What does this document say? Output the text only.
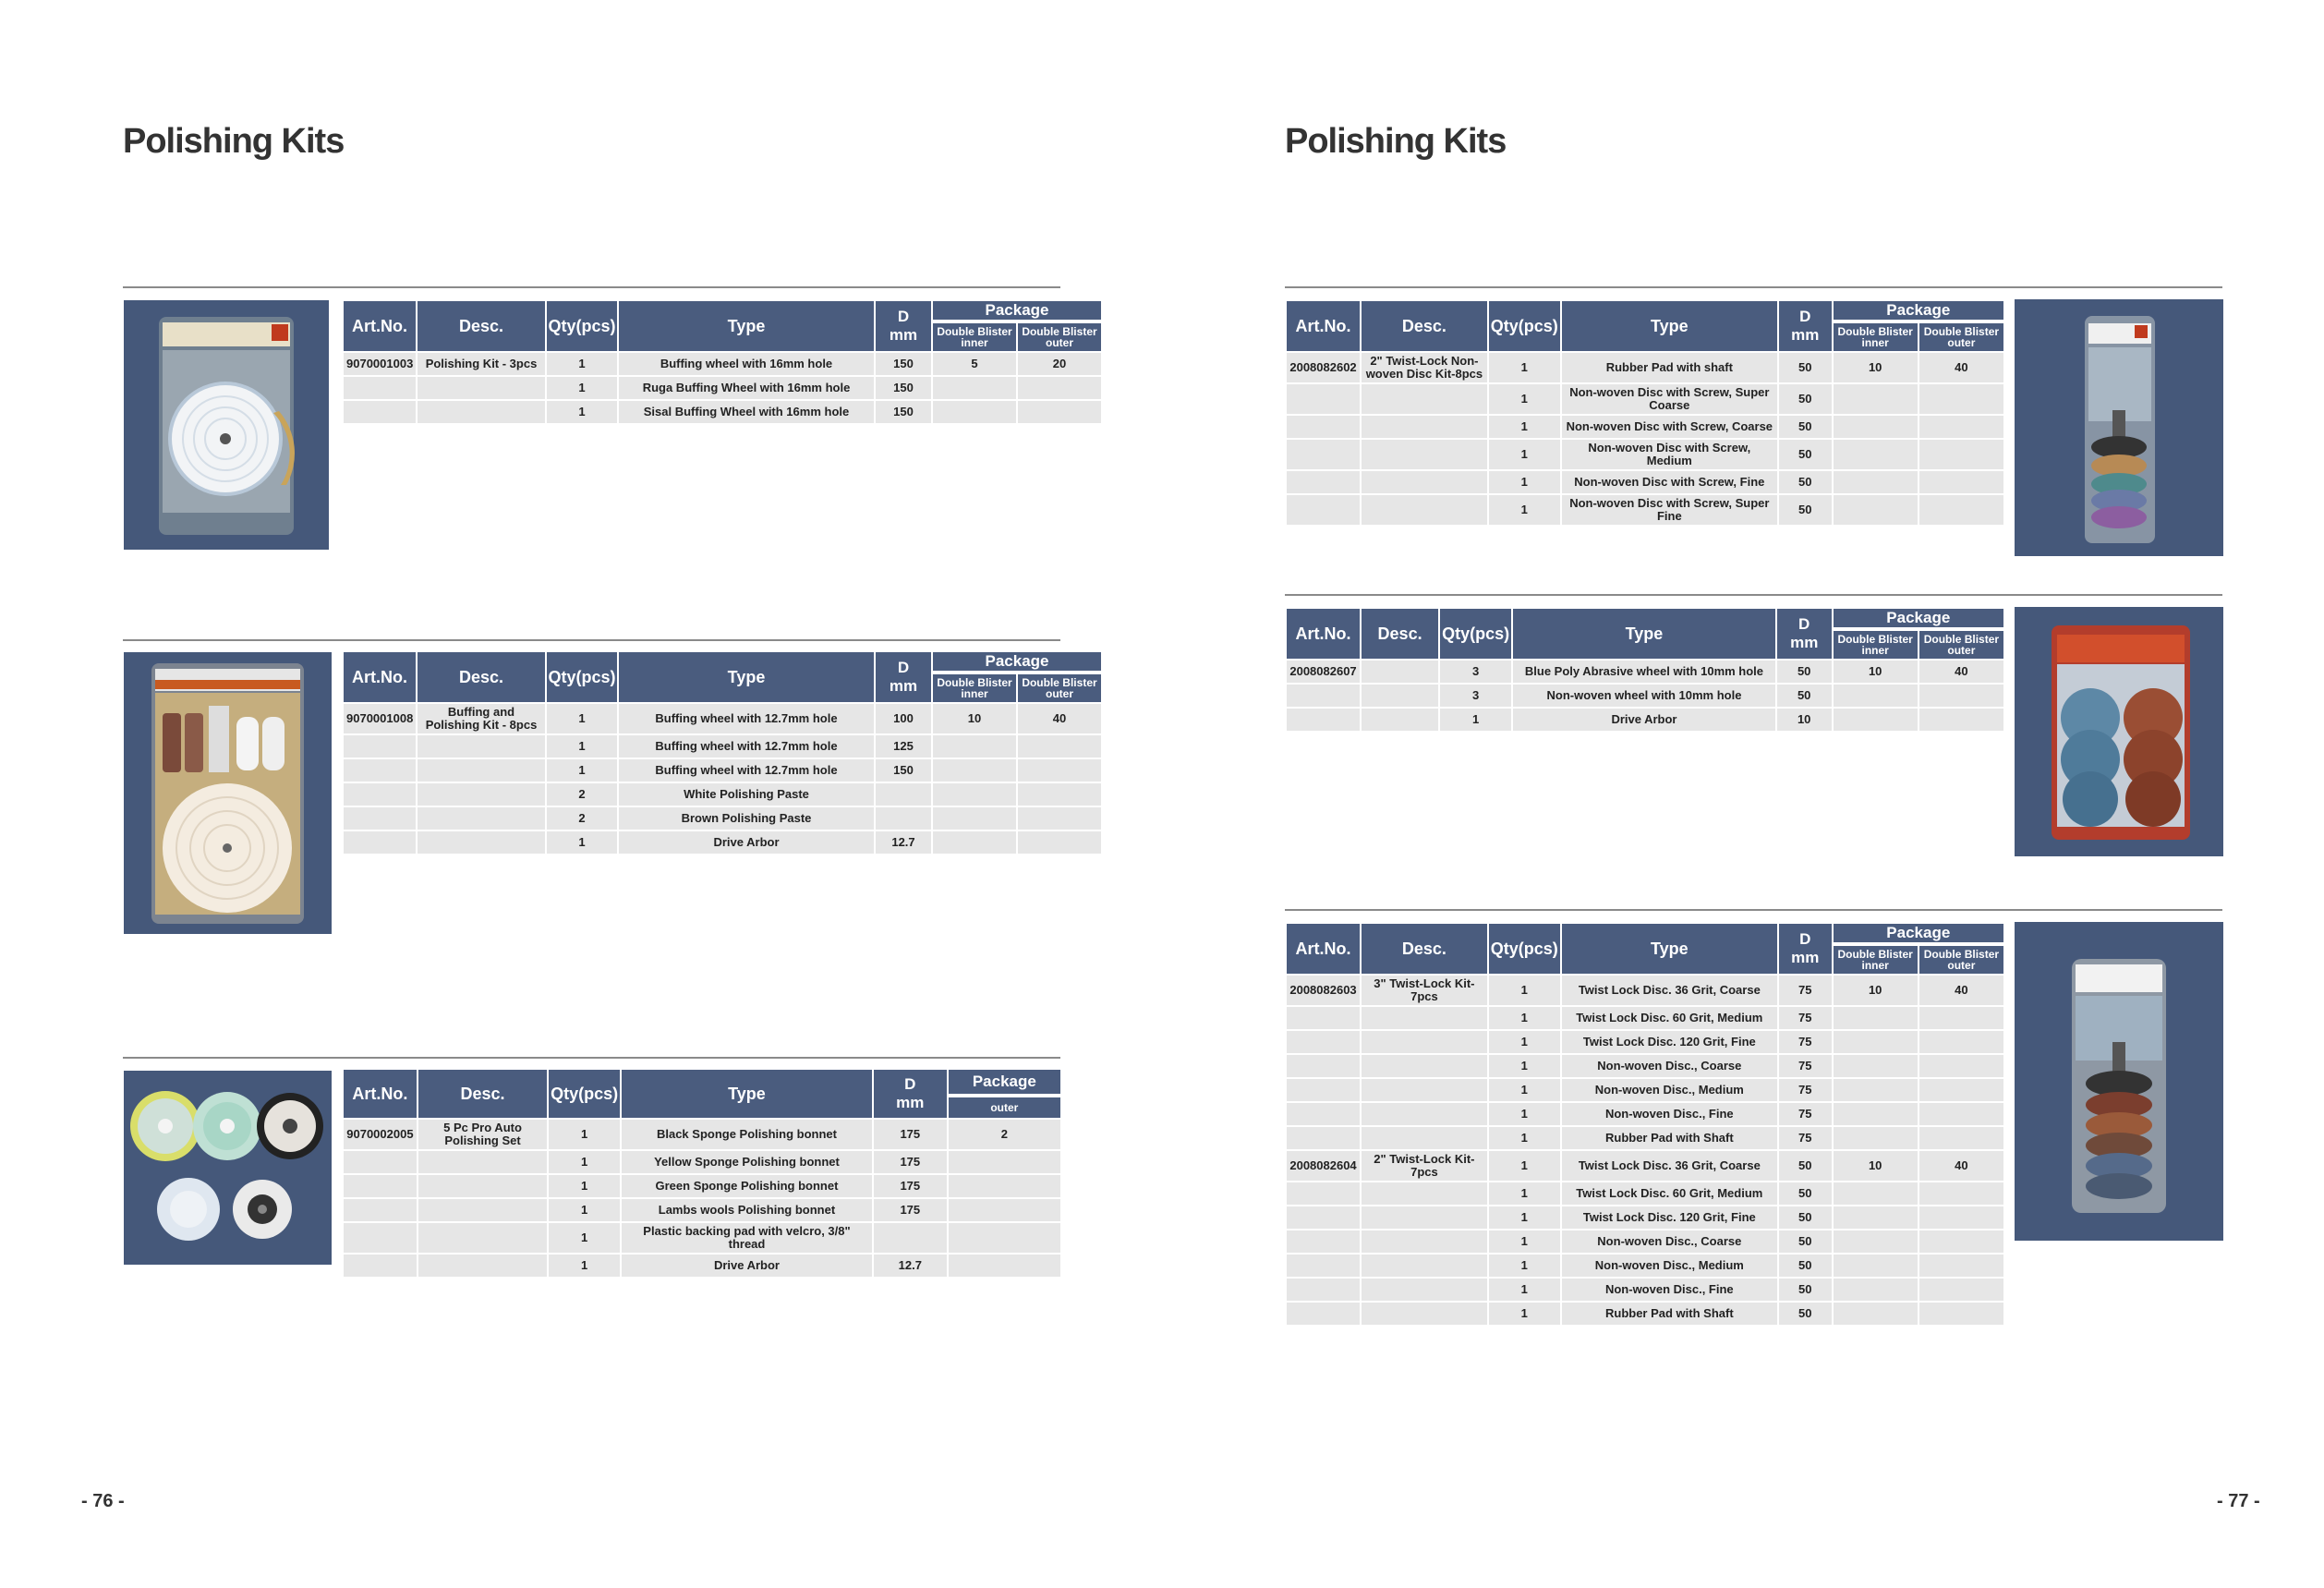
Polishing Kits	Polishing Kits
Art.No.	Desc.	Qty(pcs)	Type	D
mm	Package	
					Double Blister inner	Double Blister outer
9070001003	Polishing Kit - 3pcs	1	Buffing wheel with 16mm hole	150	5	20
		1	Ruga Buffing Wheel with 16mm hole	150		
		1	Sisal Buffing Wheel with 16mm hole	150		
Art.No.	Desc.	Qty(pcs)	Type	D
mm	Package	
					Double Blister inner	Double Blister outer
9070001008	Buffing and Polishing Kit - 8pcs	1	Buffing wheel with 12.7mm hole	100	10	40
		1	Buffing wheel with 12.7mm hole	125		
		1	Buffing wheel with 12.7mm hole	150		
		2	White Polishing Paste			
		2	Brown Polishing Paste			
		1	Drive Arbor	12.7		
Art.No.	Desc.	Qty(pcs)	Type	D
mm	Package
					outer
9070002005	5 Pc Pro Auto Polishing Set	1	Black Sponge Polishing bonnet	175	2
		1	Yellow Sponge Polishing bonnet	175	
		1	Green Sponge Polishing bonnet	175	
		1	Lambs wools Polishing bonnet	175	
		1	Plastic backing pad with velcro, 3/8" thread		
		1	Drive Arbor	12.7	
Art.No.	Desc.	Qty(pcs)	Type	D
mm	Package	
					Double Blister inner	Double Blister outer
2008082602	2" Twist-Lock Non-woven Disc Kit-8pcs	1	Rubber Pad with shaft	50	10	40
		1	Non-woven Disc with Screw, Super Coarse	50		
		1	Non-woven Disc with Screw, Coarse	50		
		1	Non-woven Disc with Screw, Medium	50		
		1	Non-woven Disc with Screw, Fine	50		
		1	Non-woven Disc with Screw, Super Fine	50		
Art.No.	Desc.	Qty(pcs)	Type	D
mm	Package	
					Double Blister inner	Double Blister outer
2008082607		3	Blue Poly Abrasive wheel with 10mm hole	50	10	40
		3	Non-woven wheel with 10mm hole	50		
		1	Drive Arbor	10		
Art.No.	Desc.	Qty(pcs)	Type	D
mm	Package	
					Double Blister inner	Double Blister outer
2008082603	3" Twist-Lock Kit-7pcs	1	Twist Lock Disc. 36 Grit, Coarse	75	10	40
		1	Twist Lock Disc. 60 Grit, Medium	75		
		1	Twist Lock Disc. 120 Grit, Fine	75		
		1	Non-woven Disc., Coarse	75		
		1	Non-woven Disc., Medium	75		
		1	Non-woven Disc., Fine	75		
		1	Rubber Pad with Shaft	75		
2008082604	2" Twist-Lock Kit-7pcs	1	Twist Lock Disc. 36 Grit, Coarse	50	10	40
		1	Twist Lock Disc. 60 Grit, Medium	50		
		1	Twist Lock Disc. 120 Grit, Fine	50		
		1	Non-woven Disc., Coarse	50		
		1	Non-woven Disc., Medium	50		
		1	Non-woven Disc., Fine	50		
		1	Rubber Pad with Shaft	50		
- 76 -	- 77 -
